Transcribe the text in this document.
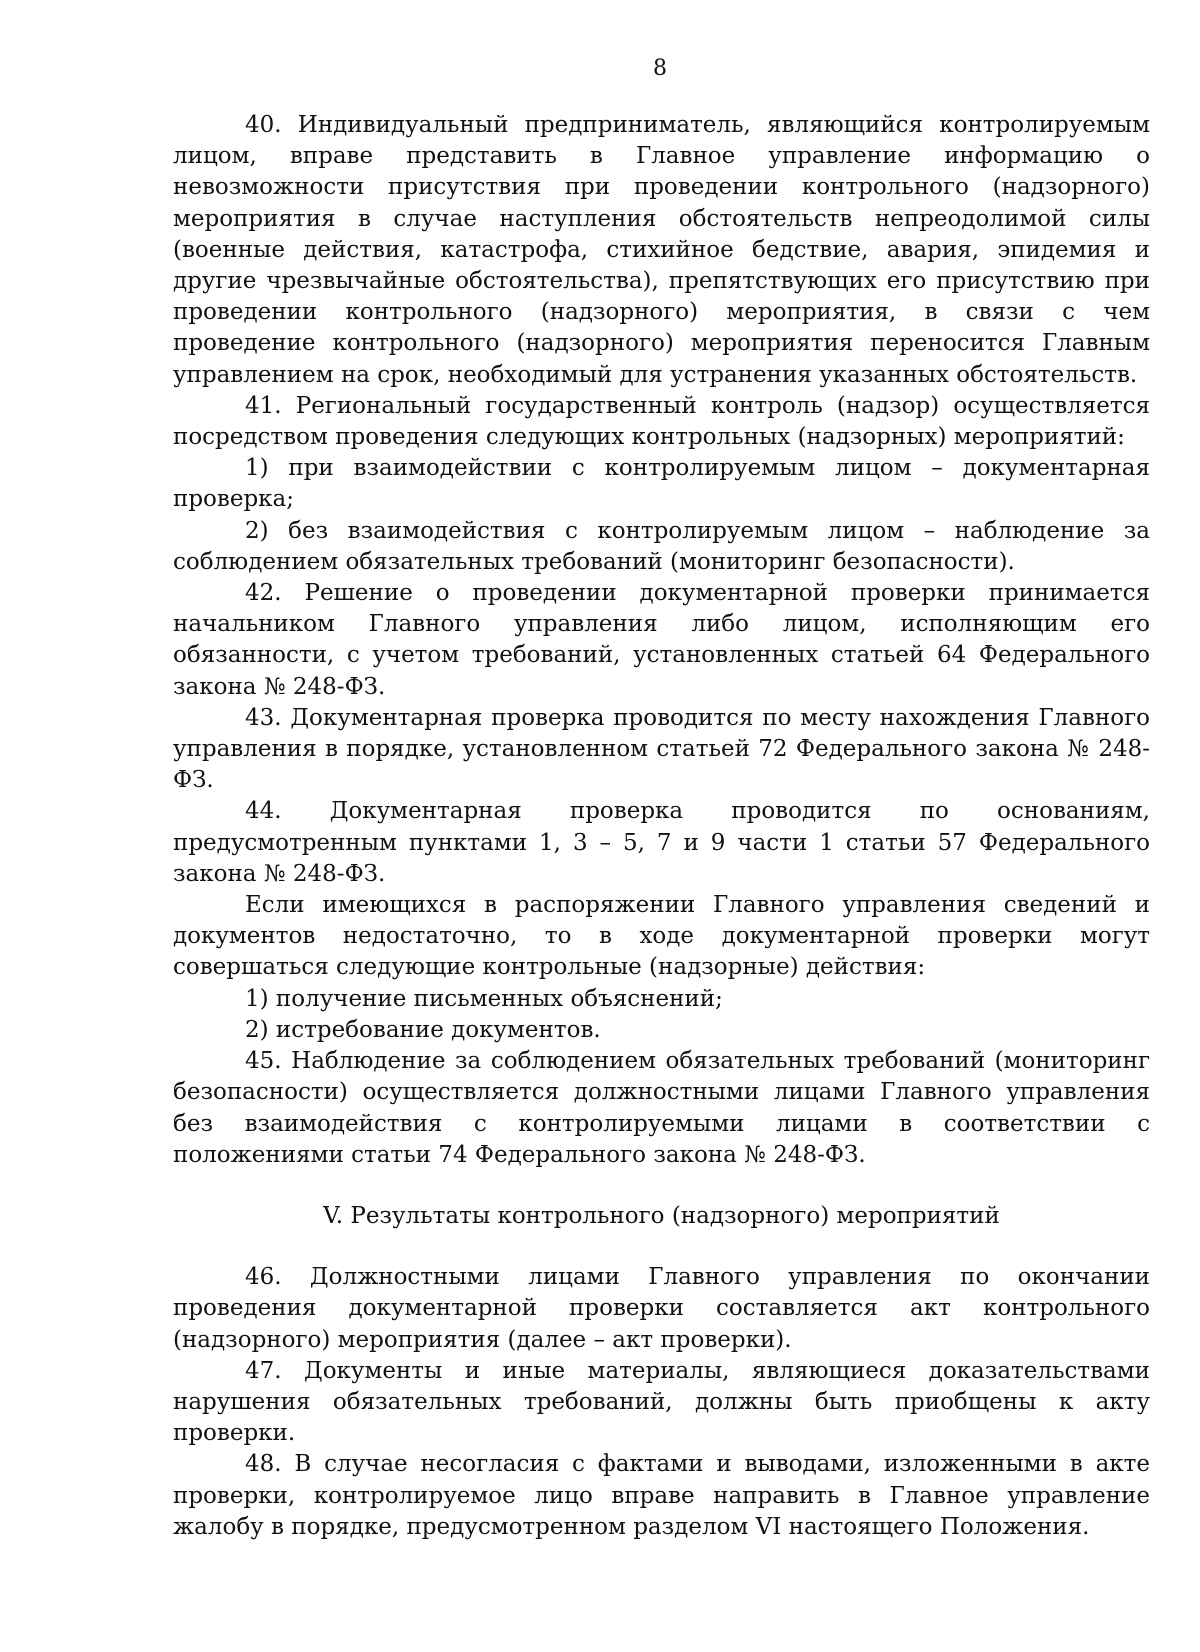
8

40. Индивидуальный предприниматель, являющийся контролируемым лицом, вправе представить в Главное управление информацию о невозможности присутствия при проведении контрольного (надзорного) мероприятия в случае наступления обстоятельств непреодолимой силы (военные действия, катастрофа, стихийное бедствие, авария, эпидемия и другие чрезвычайные обстоятельства), препятствующих его присутствию при проведении контрольного (надзорного) мероприятия, в связи с чем проведение контрольного (надзорного) мероприятия переносится Главным управлением на срок, необходимый для устранения указанных обстоятельств.

41. Региональный государственный контроль (надзор) осуществляется посредством проведения следующих контрольных (надзорных) мероприятий:

1) при взаимодействии с контролируемым лицом – документарная проверка;

2) без взаимодействия с контролируемым лицом – наблюдение за соблюдением обязательных требований (мониторинг безопасности).

42. Решение о проведении документарной проверки принимается начальником Главного управления либо лицом, исполняющим его обязанности, с учетом требований, установленных статьей 64 Федерального закона № 248-ФЗ.

43. Документарная проверка проводится по месту нахождения Главного управления в порядке, установленном статьей 72 Федерального закона № 248-ФЗ.

44. Документарная проверка проводится по основаниям, предусмотренным пунктами 1, 3 – 5, 7 и 9 части 1 статьи 57 Федерального закона № 248-ФЗ.

Если имеющихся в распоряжении Главного управления сведений и документов недостаточно, то в ходе документарной проверки могут совершаться следующие контрольные (надзорные) действия:

1) получение письменных объяснений;

2) истребование документов.

45. Наблюдение за соблюдением обязательных требований (мониторинг безопасности) осуществляется должностными лицами Главного управления без взаимодействия с контролируемыми лицами в соответствии с положениями статьи 74 Федерального закона № 248-ФЗ.

V. Результаты контрольного (надзорного) мероприятий

46. Должностными лицами Главного управления по окончании проведения документарной проверки составляется акт контрольного (надзорного) мероприятия (далее – акт проверки).

47. Документы и иные материалы, являющиеся доказательствами нарушения обязательных требований, должны быть приобщены к акту проверки.

48. В случае несогласия с фактами и выводами, изложенными в акте проверки, контролируемое лицо вправе направить в Главное управление жалобу в порядке, предусмотренном разделом VI настоящего Положения.
